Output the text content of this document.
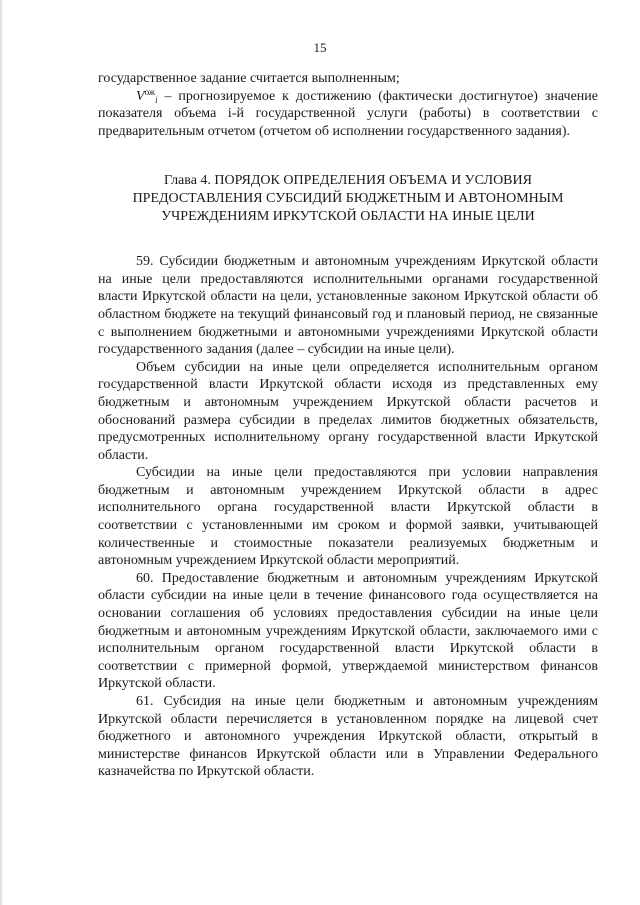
15

государственное задание считается выполненным;

$V^{ож}_i$ – прогнозируемое к достижению (фактически достигнутое) значение показателя объема i-й государственной услуги (работы) в соответствии с предварительным отчетом (отчетом об исполнении государственного задания).

Глава 4. ПОРЯДОК ОПРЕДЕЛЕНИЯ ОБЪЕМА И УСЛОВИЯ
ПРЕДОСТАВЛЕНИЯ СУБСИДИЙ БЮДЖЕТНЫМ И АВТОНОМНЫМ
УЧРЕЖДЕНИЯМ ИРКУТСКОЙ ОБЛАСТИ НА ИНЫЕ ЦЕЛИ

59. Субсидии бюджетным и автономным учреждениям Иркутской области на иные цели предоставляются исполнительными органами государственной власти Иркутской области на цели, установленные законом Иркутской области об областном бюджете на текущий финансовый год и плановый период, не связанные с выполнением бюджетными и автономными учреждениями Иркутской области государственного задания (далее – субсидии на иные цели).

Объем субсидии на иные цели определяется исполнительным органом государственной власти Иркутской области исходя из представленных ему бюджетным и автономным учреждением Иркутской области расчетов и обоснований размера субсидии в пределах лимитов бюджетных обязательств, предусмотренных исполнительному органу государственной власти Иркутской области.

Субсидии на иные цели предоставляются при условии направления бюджетным и автономным учреждением Иркутской области в адрес исполнительного органа государственной власти Иркутской области в соответствии с установленными им сроком и формой заявки, учитывающей количественные и стоимостные показатели реализуемых бюджетным и автономным учреждением Иркутской области мероприятий.

60. Предоставление бюджетным и автономным учреждениям Иркутской области субсидии на иные цели в течение финансового года осуществляется на основании соглашения об условиях предоставления субсидии на иные цели бюджетным и автономным учреждениям Иркутской области, заключаемого ими с исполнительным органом государственной власти Иркутской области в соответствии с примерной формой, утверждаемой министерством финансов Иркутской области.

61. Субсидия на иные цели бюджетным и автономным учреждениям Иркутской области перечисляется в установленном порядке на лицевой счет бюджетного и автономного учреждения Иркутской области, открытый в министерстве финансов Иркутской области или в Управлении Федерального казначейства по Иркутской области.
